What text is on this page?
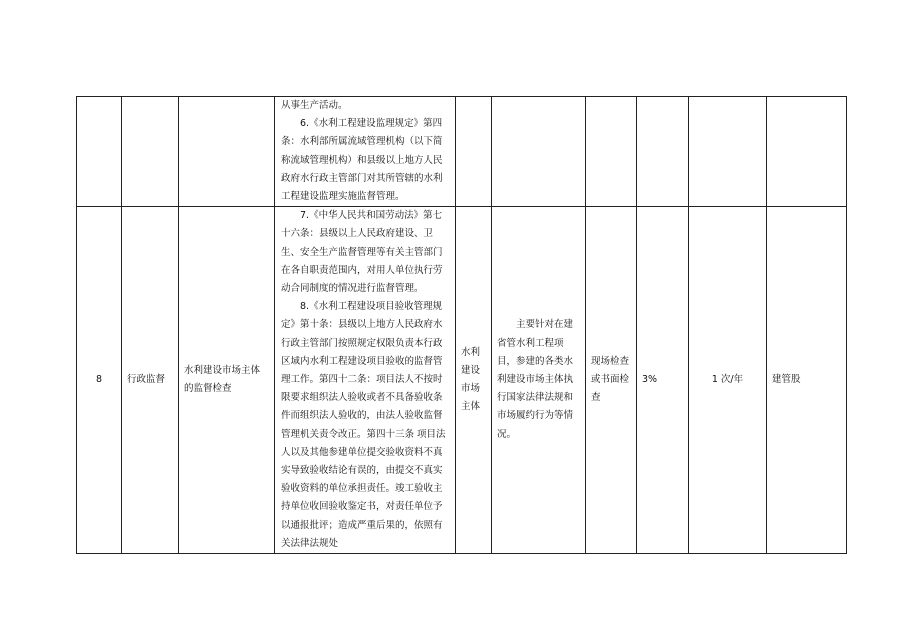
			从事生产活动。

6.《水利工程建设监理规定》第四条：水利部所属流域管理机构（以下简称流域管理机构）和县级以上地方人民政府水行政主管部门对其所管辖的水利工程建设监理实施监督管理。						

8	行政监督	水利建设市场主体的监督检查	7.《中华人民共和国劳动法》第七十六条：县级以上人民政府建设、卫生、安全生产监督管理等有关主管部门在各自职责范围内，对用人单位执行劳动合同制度的情况进行监督管理。

8.《水利工程建设项目验收管理规定》第十条：县级以上地方人民政府水行政主管部门按照规定权限负责本行政区域内水利工程建设项目验收的监督管理工作。第四十二条：项目法人不按时限要求组织法人验收或者不具备验收条件而组织法人验收的，由法人验收监督管理机关责令改正。第四十三条 项目法人以及其他参建单位提交验收资料不真实导致验收结论有误的，由提交不真实验收资料的单位承担责任。竣工验收主持单位收回验收鉴定书，对责任单位予以通报批评；造成严重后果的，依照有关法律法规处	水利建设市场主体	主要针对在建省管水利工程项目，参建的各类水利建设市场主体执行国家法律法规和市场履约行为等情况。	现场检查或书面检查	3%	1 次/年	建管股
